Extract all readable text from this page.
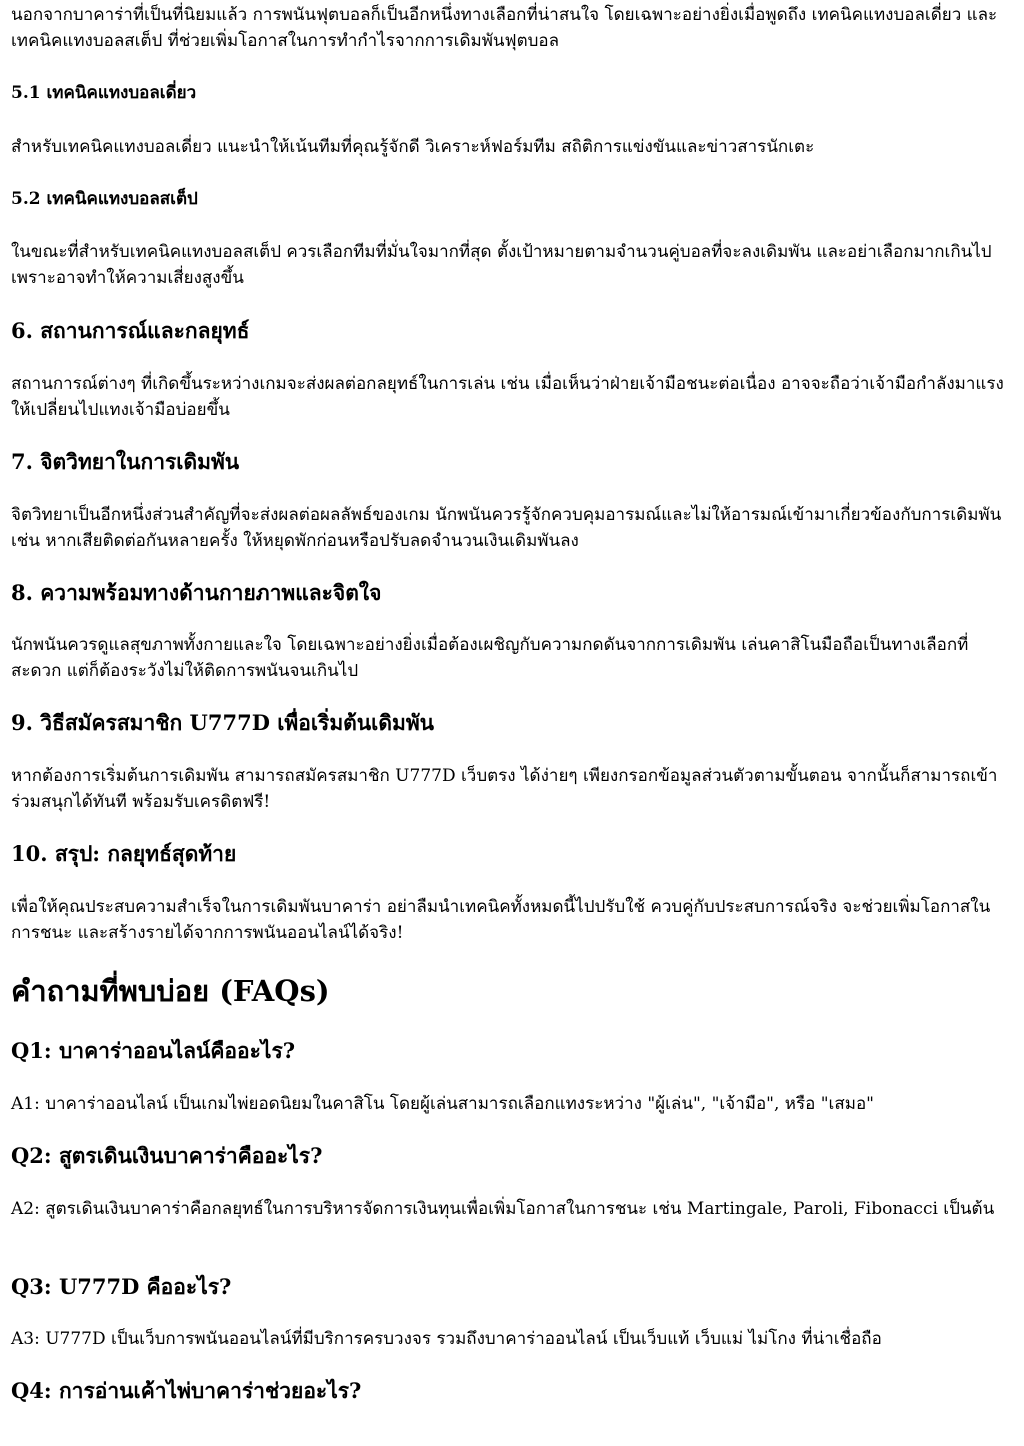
นอกจากบาคาร่าที่เป็นที่นิยมแล้ว การพนันฟุตบอลก็เป็นอีกหนึ่งทางเลือกที่น่าสนใจ โดยเฉพาะอย่างยิ่งเมื่อพูดถึง เทคนิคแทงบอลเดี่ยว และ เทคนิคแทงบอลสเต็ป ที่ช่วยเพิ่มโอกาสในการทำกำไรจากการเดิมพันฟุตบอล

5.1 เทคนิคแทงบอลเดี่ยว

สำหรับเทคนิคแทงบอลเดี่ยว แนะนำให้เน้นทีมที่คุณรู้จักดี วิเคราะห์ฟอร์มทีม สถิติการแข่งขันและข่าวสารนักเตะ

5.2 เทคนิคแทงบอลสเต็ป

ในขณะที่สำหรับเทคนิคแทงบอลสเต็ป ควรเลือกทีมที่มั่นใจมากที่สุด ตั้งเป้าหมายตามจำนวนคู่บอลที่จะลงเดิมพัน และอย่าเลือกมากเกินไป เพราะอาจทำให้ความเสี่ยงสูงขึ้น

6. สถานการณ์และกลยุทธ์

สถานการณ์ต่างๆ ที่เกิดขึ้นระหว่างเกมจะส่งผลต่อกลยุทธ์ในการเล่น เช่น เมื่อเห็นว่าฝ่ายเจ้ามือชนะต่อเนื่อง อาจจะถือว่าเจ้ามือกำลังมาแรง ให้เปลี่ยนไปแทงเจ้ามือบ่อยขึ้น

7. จิตวิทยาในการเดิมพัน

จิตวิทยาเป็นอีกหนึ่งส่วนสำคัญที่จะส่งผลต่อผลลัพธ์ของเกม นักพนันควรรู้จักควบคุมอารมณ์และไม่ให้อารมณ์เข้ามาเกี่ยวข้องกับการเดิมพัน เช่น หากเสียติดต่อกันหลายครั้ง ให้หยุดพักก่อนหรือปรับลดจำนวนเงินเดิมพันลง

8. ความพร้อมทางด้านกายภาพและจิตใจ

นักพนันควรดูแลสุขภาพทั้งกายและใจ โดยเฉพาะอย่างยิ่งเมื่อต้องเผชิญกับความกดดันจากการเดิมพัน เล่นคาสิโนมือถือเป็นทางเลือกที่สะดวก แต่ก็ต้องระวังไม่ให้ติดการพนันจนเกินไป

9. วิธีสมัครสมาชิก U777D เพื่อเริ่มต้นเดิมพัน

หากต้องการเริ่มต้นการเดิมพัน สามารถสมัครสมาชิก U777D เว็บตรง ได้ง่ายๆ เพียงกรอกข้อมูลส่วนตัวตามขั้นตอน จากนั้นก็สามารถเข้าร่วมสนุกได้ทันที พร้อมรับเครดิตฟรี!

10. สรุป: กลยุทธ์สุดท้าย

เพื่อให้คุณประสบความสำเร็จในการเดิมพันบาคาร่า อย่าลืมนำเทคนิคทั้งหมดนี้ไปปรับใช้ ควบคู่กับประสบการณ์จริง จะช่วยเพิ่มโอกาสในการชนะ และสร้างรายได้จากการพนันออนไลน์ได้จริง!

คำถามที่พบบ่อย (FAQs)
Q1: บาคาร่าออนไลน์คืออะไร?

A1: บาคาร่าออนไลน์ เป็นเกมไพ่ยอดนิยมในคาสิโน โดยผู้เล่นสามารถเลือกแทงระหว่าง "ผู้เล่น", "เจ้ามือ", หรือ "เสมอ"

Q2: สูตรเดินเงินบาคาร่าคืออะไร?

A2: สูตรเดินเงินบาคาร่าคือกลยุทธ์ในการบริหารจัดการเงินทุนเพื่อเพิ่มโอกาสในการชนะ เช่น Martingale, Paroli, Fibonacci เป็นต้น

Q3: U777D คืออะไร?

A3: U777D เป็นเว็บการพนันออนไลน์ที่มีบริการครบวงจร รวมถึงบาคาร่าออนไลน์ เป็นเว็บแท้ เว็บแม่ ไม่โกง ที่น่าเชื่อถือ

Q4: การอ่านเค้าไพ่บาคาร่าช่วยอะไร?
